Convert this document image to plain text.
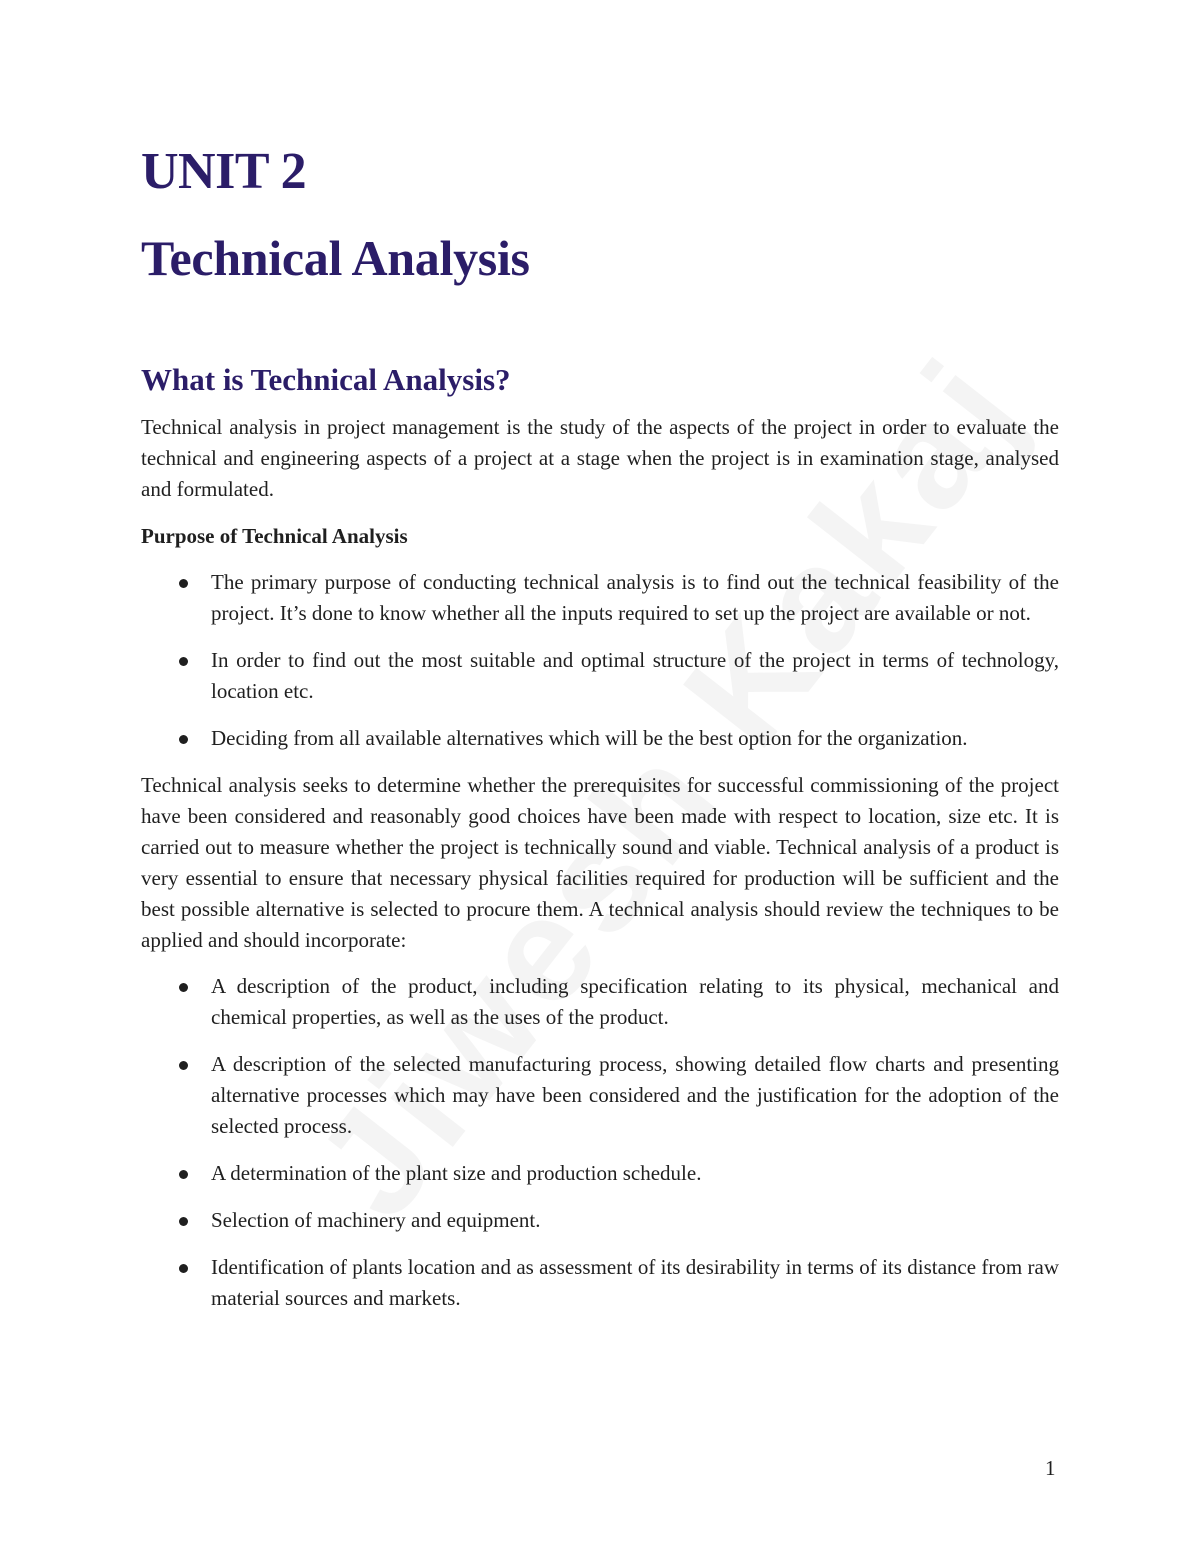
UNIT 2
Technical Analysis
What is Technical Analysis?

Technical analysis in project management is the study of the aspects of the project in order to evaluate the technical and engineering aspects of a project at a stage when the project is in examination stage, analysed and formulated.

Purpose of Technical Analysis
The primary purpose of conducting technical analysis is to find out the technical feasibility of the project. It’s done to know whether all the inputs required to set up the project are available or not.
In order to find out the most suitable and optimal structure of the project in terms of technology, location etc.
Deciding from all available alternatives which will be the best option for the organization.

Technical analysis seeks to determine whether the prerequisites for successful commissioning of the project have been considered and reasonably good choices have been made with respect to location, size etc. It is carried out to measure whether the project is technically sound and viable. Technical analysis of a product is very essential to ensure that necessary physical facilities required for production will be sufficient and the best possible alternative is selected to procure them. A technical analysis should review the techniques to be applied and should incorporate:

A description of the product, including specification relating to its physical, mechanical and chemical properties, as well as the uses of the product.
A description of the selected manufacturing process, showing detailed flow charts and presenting alternative processes which may have been considered and the justification for the adoption of the selected process.
A determination of the plant size and production schedule.
Selection of machinery and equipment.
Identification of plants location and as assessment of its desirability in terms of its distance from raw material sources and markets.
1
